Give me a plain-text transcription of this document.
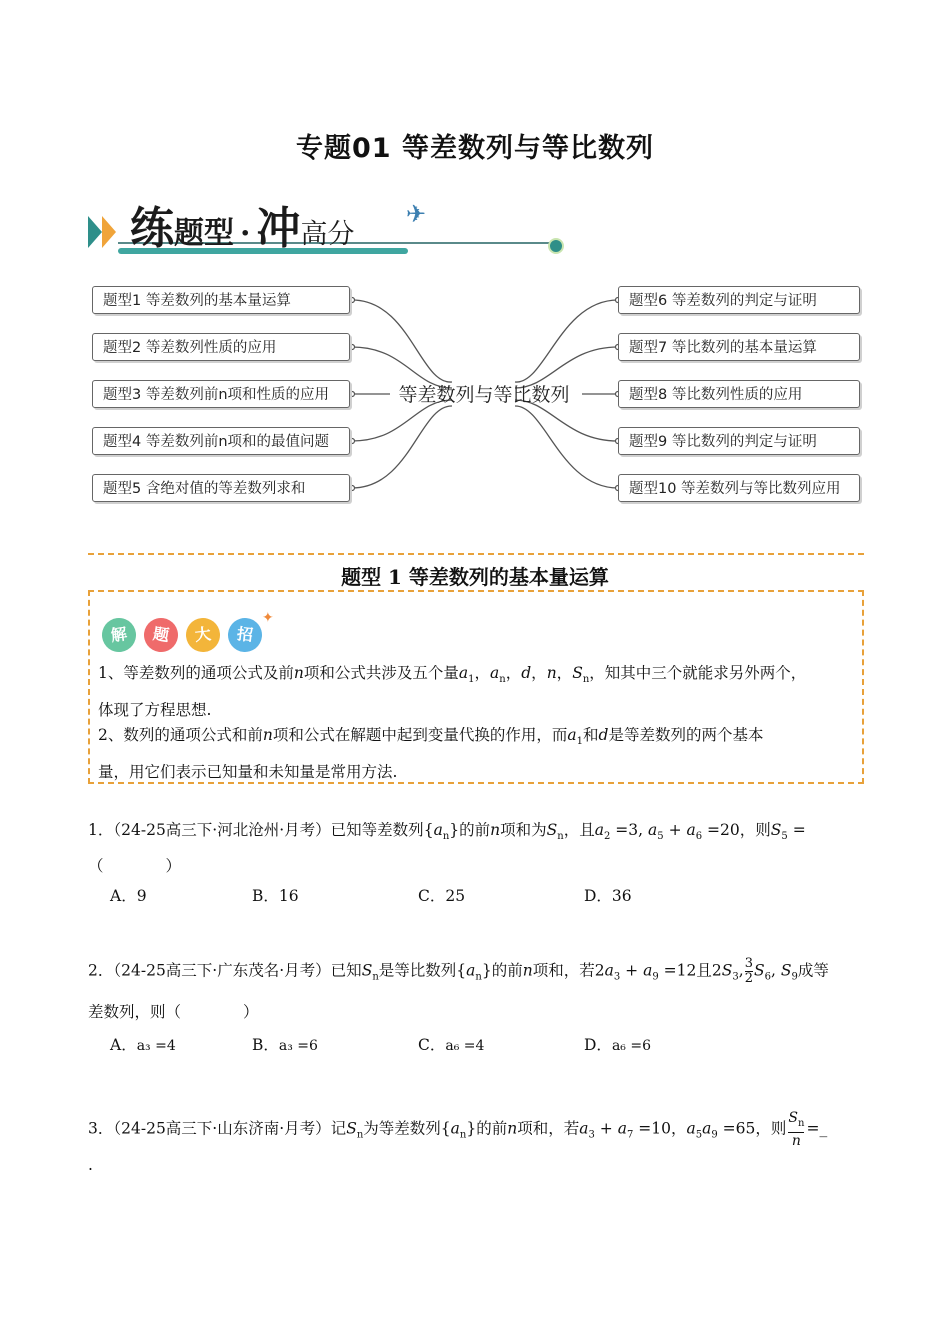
专题01 等差数列与等比数列
练题型 · 冲高分
✈
题型1 等差数列的基本量运算
题型2 等差数列性质的应用
题型3 等差数列前n项和性质的应用
题型4 等差数列前n项和的最值问题
题型5 含绝对值的等差数列求和
等差数列与等比数列
题型6 等差数列的判定与证明
题型7 等比数列的基本量运算
题型8 等比数列性质的应用
题型9 等比数列的判定与证明
题型10 等差数列与等比数列应用
题型 1 等差数列的基本量运算
解	题	大	招
✦
1、等差数列的通项公式及前n项和公式共涉及五个量$a_1$，$a_n$，d，n，$S_n$，知其中三个就能求另外两个，
体现了方程思想.
2、数列的通项公式和前n项和公式在解题中起到变量代换的作用，而$a_1$和d是等差数列的两个基本
量，用它们表示已知量和未知量是常用方法.
1．（24-25高三下·河北沧州·月考）已知等差数列$\{a_n\}$的前n项和为$S_n$，且$a_2 =3$, $a_5 + a_6 =20$，则$S_5$ =
（　　　　）
A．9	B．16	C．25	D．36
2．（24-25高三下·广东茂名·月考）已知$S_n$是等比数列$\{a_n\}$的前n项和，若$2a_3 + a_9 =12$且$2S_3$, $\frac{3}{2} S_6$, $S_9$成等
差数列，则（　　　　）
A．a₃ =4	B．a₃ =6	C．a₆ =4	D．a₆ =6
3．（24-25高三下·山东济南·月考）记$S_n$为等差数列$\{a_n\}$的前n项和，若$a_3 + a_7 =10$，$a_5a_9 =65$，则 $\frac{S_n}{n}$ =_
.
